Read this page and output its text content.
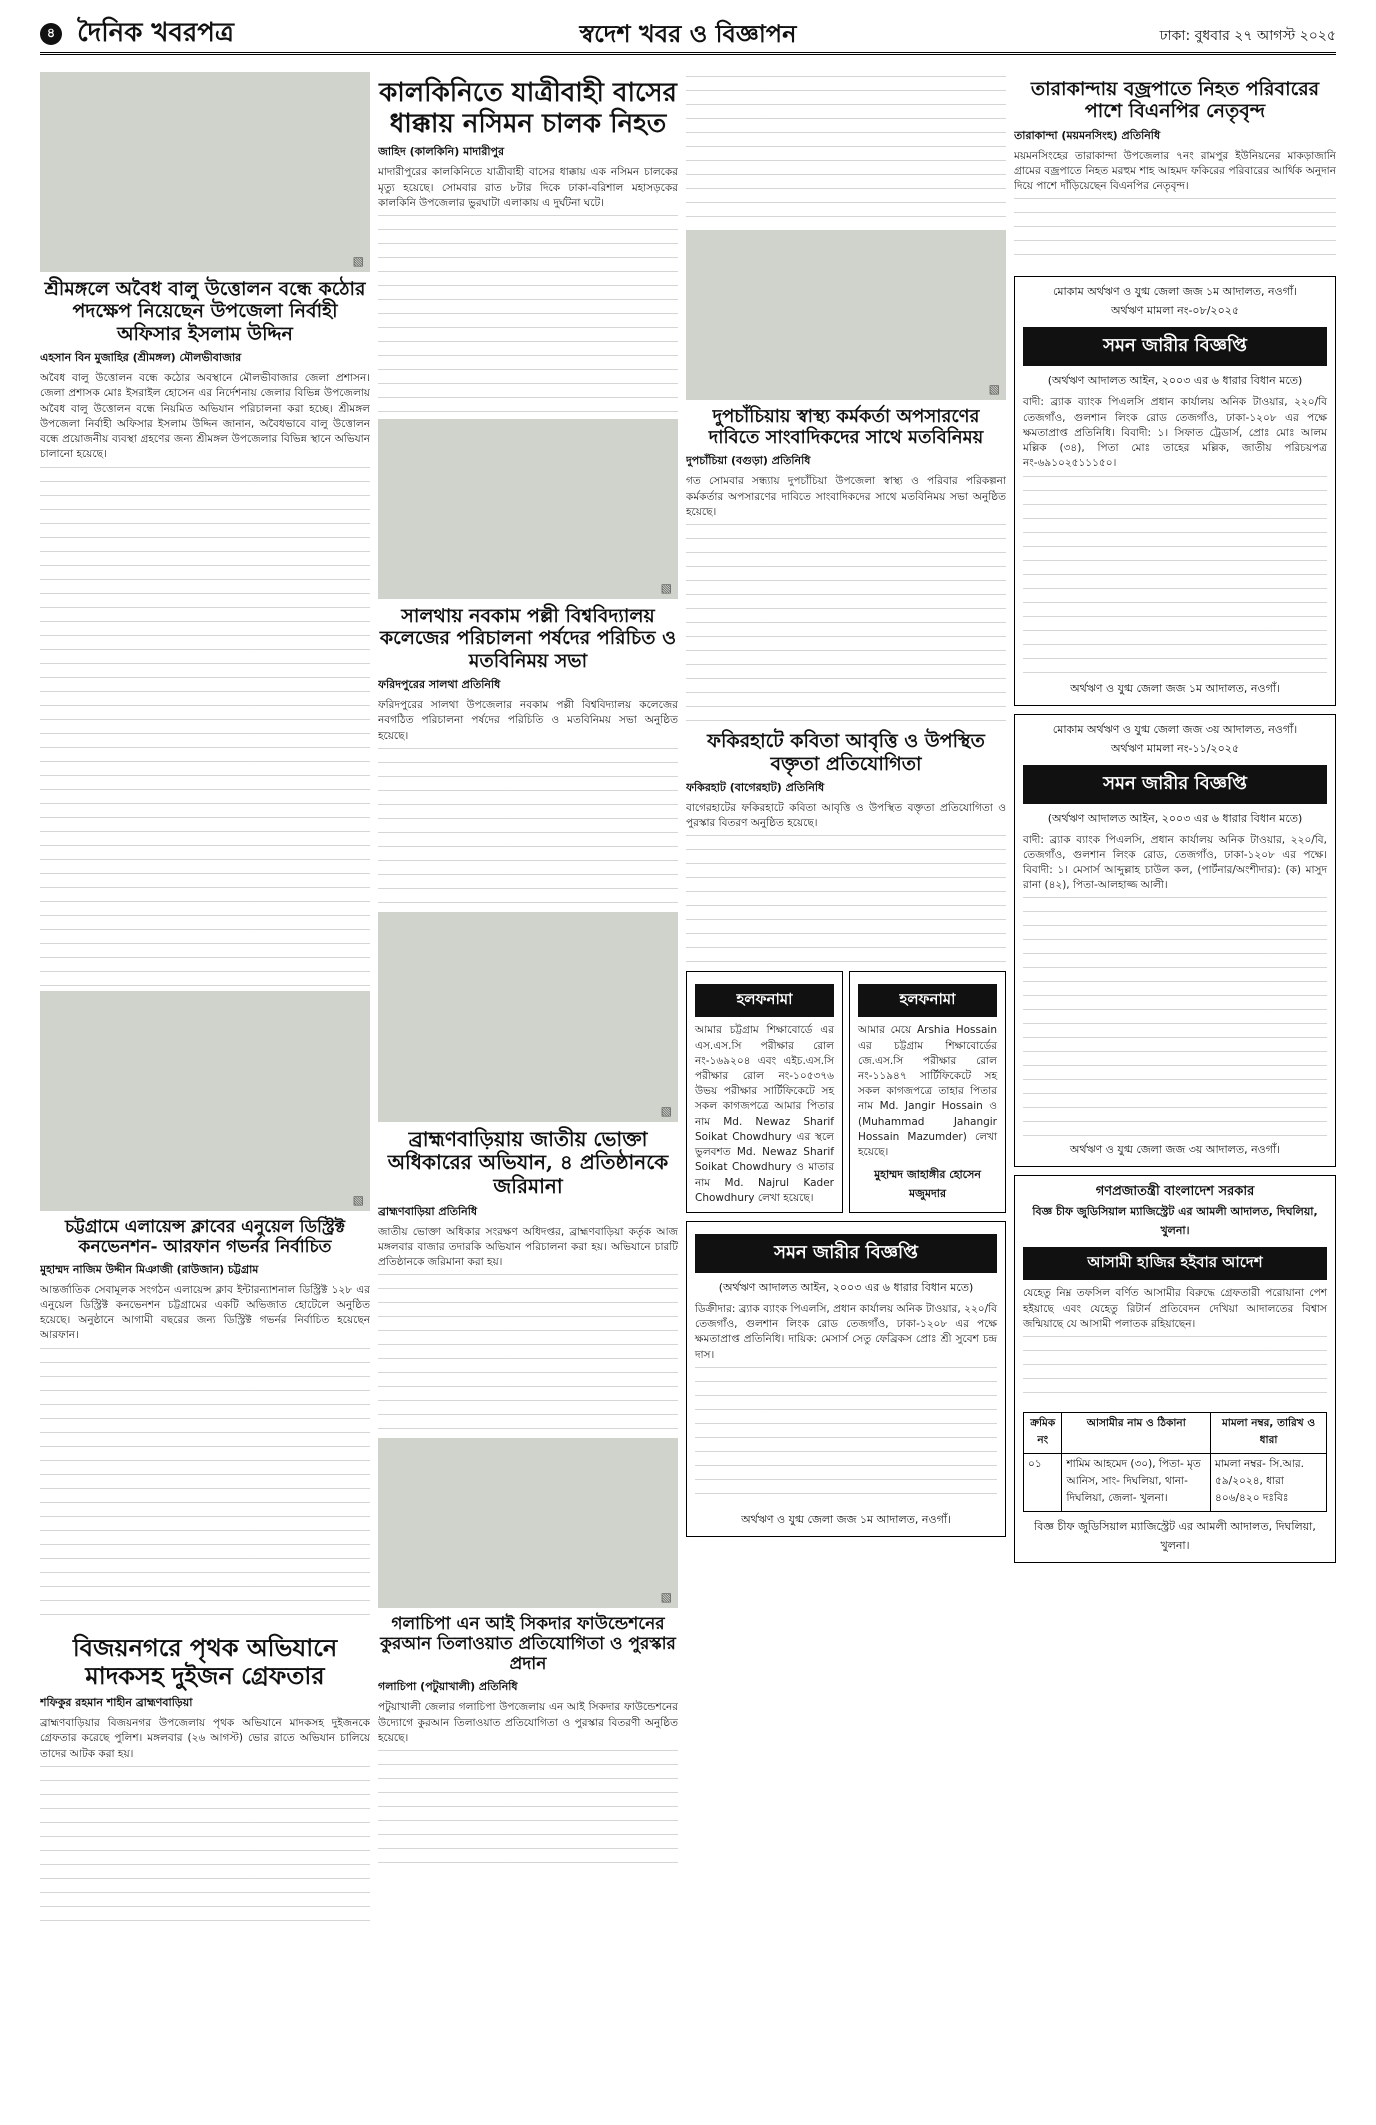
৪ দৈনিক খবরপত্র	স্বদেশ খবর ও বিজ্ঞাপন	ঢাকা: বুধবার ২৭ আগস্ট ২০২৫
▧
শ্রীমঙ্গলে অবৈধ বালু উত্তোলন বন্ধে কঠোর পদক্ষেপ নিয়েছেন উপজেলা নির্বাহী অফিসার ইসলাম উদ্দিন
এহসান বিন মুজাহির (শ্রীমঙ্গল) মৌলভীবাজার
অবৈধ বালু উত্তোলন বন্ধে কঠোর অবস্থানে মৌলভীবাজার জেলা প্রশাসন। জেলা প্রশাসক মোঃ ইসরাইল হোসেন এর নির্দেশনায় জেলার বিভিন্ন উপজেলায় অবৈধ বালু উত্তোলন বন্ধে নিয়মিত অভিযান পরিচালনা করা হচ্ছে। শ্রীমঙ্গল উপজেলা নির্বাহী অফিসার ইসলাম উদ্দিন জানান, অবৈধভাবে বালু উত্তোলন বন্ধে প্রয়োজনীয় ব্যবস্থা গ্রহণের জন্য শ্রীমঙ্গল উপজেলার বিভিন্ন স্থানে অভিযান চালানো হয়েছে।
▧
চট্টগ্রামে এলায়েন্স ক্লাবের এনুয়েল ডিস্ট্রিক্ট কনভেনশন- আরফান গভর্নর নির্বাচিত
মুহাম্মদ নাজিম উদ্দীন মিঞাজী (রাউজান) চট্টগ্রাম
আন্তর্জাতিক সেবামূলক সংগঠন এলায়েন্স ক্লাব ইন্টারন্যাশনাল ডিস্ট্রিক্ট ১২৮ এর এনুয়েল ডিস্ট্রিক্ট কনভেনশন চট্টগ্রামের একটি অভিজাত হোটেলে অনুষ্ঠিত হয়েছে। অনুষ্ঠানে আগামী বছরের জন্য ডিস্ট্রিক্ট গভর্নর নির্বাচিত হয়েছেন আরফান।
বিজয়নগরে পৃথক অভিযানে মাদকসহ দুইজন গ্রেফতার
শফিকুর রহমান শাহীন ব্রাহ্মণবাড়িয়া
ব্রাহ্মণবাড়িয়ার বিজয়নগর উপজেলায় পৃথক অভিযানে মাদকসহ দুইজনকে গ্রেফতার করেছে পুলিশ। মঙ্গলবার (২৬ আগস্ট) ভোর রাতে অভিযান চালিয়ে তাদের আটক করা হয়।
কালকিনিতে যাত্রীবাহী বাসের ধাক্কায় নসিমন চালক নিহত
জাহিদ (কালকিনি) মাদারীপুর
মাদারীপুরের কালকিনিতে যাত্রীবাহী বাসের ধাক্কায় এক নসিমন চালকের মৃত্যু হয়েছে। সোমবার রাত ৮টার দিকে ঢাকা-বরিশাল মহাসড়কের কালকিনি উপজেলার ভুরঘাটা এলাকায় এ দুর্ঘটনা ঘটে।
▧
সালথায় নবকাম পল্লী বিশ্ববিদ্যালয় কলেজের পরিচালনা পর্ষদের পরিচিত ও মতবিনিময় সভা
ফরিদপুরের সালথা প্রতিনিধি
ফরিদপুরের সালথা উপজেলার নবকাম পল্লী বিশ্ববিদ্যালয় কলেজের নবগঠিত পরিচালনা পর্ষদের পরিচিতি ও মতবিনিময় সভা অনুষ্ঠিত হয়েছে।
▧
ব্রাহ্মণবাড়িয়ায় জাতীয় ভোক্তা অধিকারের অভিযান, ৪ প্রতিষ্ঠানকে জরিমানা
ব্রাহ্মণবাড়িয়া প্রতিনিধি
জাতীয় ভোক্তা অধিকার সংরক্ষণ অধিদপ্তর, ব্রাহ্মণবাড়িয়া কর্তৃক আজ মঙ্গলবার বাজার তদারকি অভিযান পরিচালনা করা হয়। অভিযানে চারটি প্রতিষ্ঠানকে জরিমানা করা হয়।
▧
গলাচিপা এন আই সিকদার ফাউন্ডেশনের কুরআন তিলাওয়াত প্রতিযোগিতা ও পুরস্কার প্রদান
গলাচিপা (পটুয়াখালী) প্রতিনিধি
পটুয়াখালী জেলার গলাচিপা উপজেলায় এন আই সিকদার ফাউন্ডেশনের উদ্যোগে কুরআন তিলাওয়াত প্রতিযোগিতা ও পুরস্কার বিতরণী অনুষ্ঠিত হয়েছে।
▧
দুপচাঁচিয়ায় স্বাস্থ্য কর্মকর্তা অপসারণের দাবিতে সাংবাদিকদের সাথে মতবিনিময়
দুপচাঁচিয়া (বগুড়া) প্রতিনিধি
গত সোমবার সন্ধ্যায় দুপচাঁচিয়া উপজেলা স্বাস্থ্য ও পরিবার পরিকল্পনা কর্মকর্তার অপসারণের দাবিতে সাংবাদিকদের সাথে মতবিনিময় সভা অনুষ্ঠিত হয়েছে।
ফকিরহাটে কবিতা আবৃত্তি ও উপস্থিত বক্তৃতা প্রতিযোগিতা
ফকিরহাট (বাগেরহাট) প্রতিনিধি
বাগেরহাটের ফকিরহাটে কবিতা আবৃত্তি ও উপস্থিত বক্তৃতা প্রতিযোগিতা ও পুরস্কার বিতরণ অনুষ্ঠিত হয়েছে।
হলফনামা
আমার চট্টগ্রাম শিক্ষাবোর্ডে এর এস.এস.সি পরীক্ষার রোল নং-১৬৯২০৪ এবং এইচ.এস.সি পরীক্ষার রোল নং-১০৫৩৭৬ উভয় পরীক্ষার সার্টিফিকেটে সহ সকল কাগজপত্রে আমার পিতার নাম Md. Newaz Sharif Soikat Chowdhury এর স্থলে ভুলবশত Md. Newaz Sharif Soikat Chowdhury ও মাতার নাম Md. Najrul Kader Chowdhury লেখা হয়েছে।
হলফনামা
আমার মেয়ে Arshia Hossain এর চট্টগ্রাম শিক্ষাবোর্ডের জে.এস.সি পরীক্ষার রোল নং-১১৯৪৭ সার্টিফিকেটে সহ সকল কাগজপত্রে তাহার পিতার নাম Md. Jangir Hossain ও (Muhammad Jahangir Hossain Mazumder) লেখা হয়েছে।
মুহাম্মদ জাহাঙ্গীর হোসেন মজুমদার
সমন জারীর বিজ্ঞপ্তি
(অর্থঋণ আদালত আইন, ২০০৩ এর ৬ ধারার বিধান মতে)
ডিক্রীদার: ব্র্যাক ব্যাংক পিএলসি, প্রধান কার্যালয় অনিক টাওয়ার, ২২০/বি তেজগাঁও, গুলশান লিংক রোড তেজগাঁও, ঢাকা-১২০৮ এর পক্ষে ক্ষমতাপ্রাপ্ত প্রতিনিধি। দায়িক: মেসার্স সেতু ফেব্রিকস প্রোঃ শ্রী সুবেশ চন্দ্র দাস।
অর্থঋণ ও যুগ্ম জেলা জজ ১ম আদালত, নওগাঁ।
তারাকান্দায় বজ্রপাতে নিহত পরিবারের পাশে বিএনপির নেতৃবৃন্দ
তারাকান্দা (ময়মনসিংহ) প্রতিনিধি
ময়মনসিংহের তারাকান্দা উপজেলার ৭নং রামপুর ইউনিয়নের মাকড়াজানি গ্রামের বজ্রপাতে নিহত মরহুম শাহ আহমদ ফকিরের পরিবারের আর্থিক অনুদান দিয়ে পাশে দাঁড়িয়েছেন বিএনপির নেতৃবৃন্দ।
মোকাম অর্থঋণ ও যুগ্ম জেলা জজ ১ম আদালত, নওগাঁ।
অর্থঋণ মামলা নং-০৮/২০২৫
সমন জারীর বিজ্ঞপ্তি
(অর্থঋণ আদালত আইন, ২০০৩ এর ৬ ধারার বিধান মতে)
বাদী: ব্র্যাক ব্যাংক পিএলসি প্রধান কার্যালয় অনিক টাওয়ার, ২২০/বি তেজগাঁও, গুলশান লিংক রোড তেজগাঁও, ঢাকা-১২০৮ এর পক্ষে ক্ষমতাপ্রাপ্ত প্রতিনিধি। বিবাদী: ১। সিফাত ট্রেডার্স, প্রোঃ মোঃ আলম মল্লিক (৩৪), পিতা মোঃ তাহের মল্লিক, জাতীয় পরিচয়পত্র নং-৬৯১০২৫১১১৫০।
অর্থঋণ ও যুগ্ম জেলা জজ ১ম আদালত, নওগাঁ।
মোকাম অর্থঋণ ও যুগ্ম জেলা জজ ৩য় আদালত, নওগাঁ।
অর্থঋণ মামলা নং-১১/২০২৫
সমন জারীর বিজ্ঞপ্তি
(অর্থঋণ আদালত আইন, ২০০৩ এর ৬ ধারার বিধান মতে)
বাদী: ব্র্যাক ব্যাংক পিএলসি, প্রধান কার্যালয় অনিক টাওয়ার, ২২০/বি, তেজগাঁও, গুলশান লিংক রোড, তেজগাঁও, ঢাকা-১২০৮ এর পক্ষে। বিবাদী: ১। মেসার্স আব্দুল্লাহ চাউল কল, (পার্টনার/অংশীদার): (ক) মাসুদ রানা (৪২), পিতা-আলহাজ্জ আলী।
অর্থঋণ ও যুগ্ম জেলা জজ ৩য় আদালত, নওগাঁ।
গণপ্রজাতন্ত্রী বাংলাদেশ সরকার
বিজ্ঞ চীফ জুডিসিয়াল ম্যাজিস্ট্রেট এর আমলী আদালত, দিঘলিয়া, খুলনা।
আসামী হাজির হইবার আদেশ
যেহেতু নিম্ন তফসিল বর্ণিত আসামীর বিরুদ্ধে গ্রেফতারী পরোয়ানা পেশ হইয়াছে এবং যেহেতু রিটার্ন প্রতিবেদন দেখিয়া আদালতের বিশ্বাস জন্মিয়াছে যে আসামী পলাতক রহিয়াছেন।
ক্রমিক নং	আসামীর নাম ও ঠিকানা	মামলা নম্বর, তারিখ ও ধারা
০১	শামিম আহমেদ (৩০), পিতা- মৃত আনিস, সাং- দিঘলিয়া, থানা- দিঘলিয়া, জেলা- খুলনা।	মামলা নম্বর- সি.আর. ৫৯/২০২৪, ধারা ৪০৬/৪২০ দঃবিঃ
বিজ্ঞ চীফ জুডিসিয়াল ম্যাজিস্ট্রেট এর আমলী আদালত, দিঘলিয়া, খুলনা।
